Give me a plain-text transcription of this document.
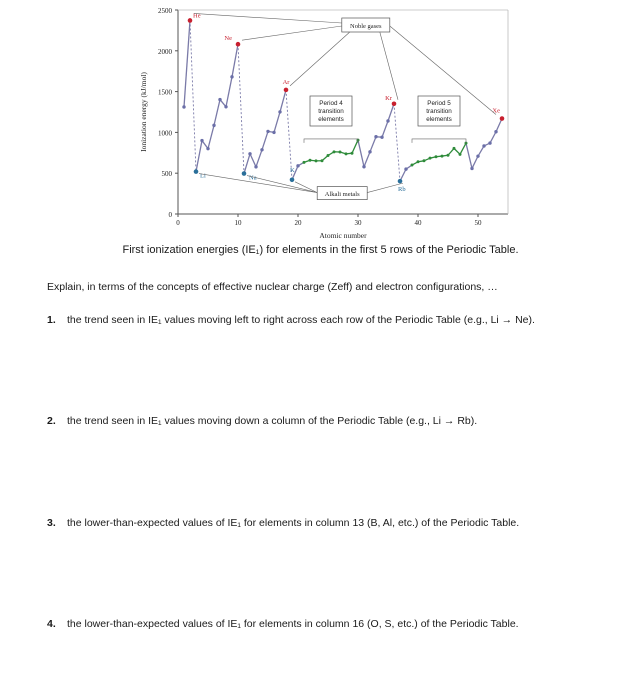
0
500
1000
1500
2000
2500
0	10	20	30	40	50
Atomic number
Ionization energy (kJ/mol)
Noble gases
He
Ne
Ar
Kr
Xe
Alkali metals
Li	Na
K
Rb
Period 4
transition
elements
Period 5
transition
elements
First ionization energies (IE₁) for elements in the first 5 rows of the Periodic Table.
Explain, in terms of the concepts of effective nuclear charge (Zeff) and electron configurations, …
1. the trend seen in IE₁ values moving left to right across each row of the Periodic Table (e.g., Li → Ne).
2. the trend seen in IE₁ values moving down a column of the Periodic Table (e.g., Li → Rb).
3. the lower-than-expected values of IE₁ for elements in column 13 (B, Al, etc.) of the Periodic Table.
4. the lower-than-expected values of IE₁ for elements in column 16 (O, S, etc.) of the Periodic Table.
